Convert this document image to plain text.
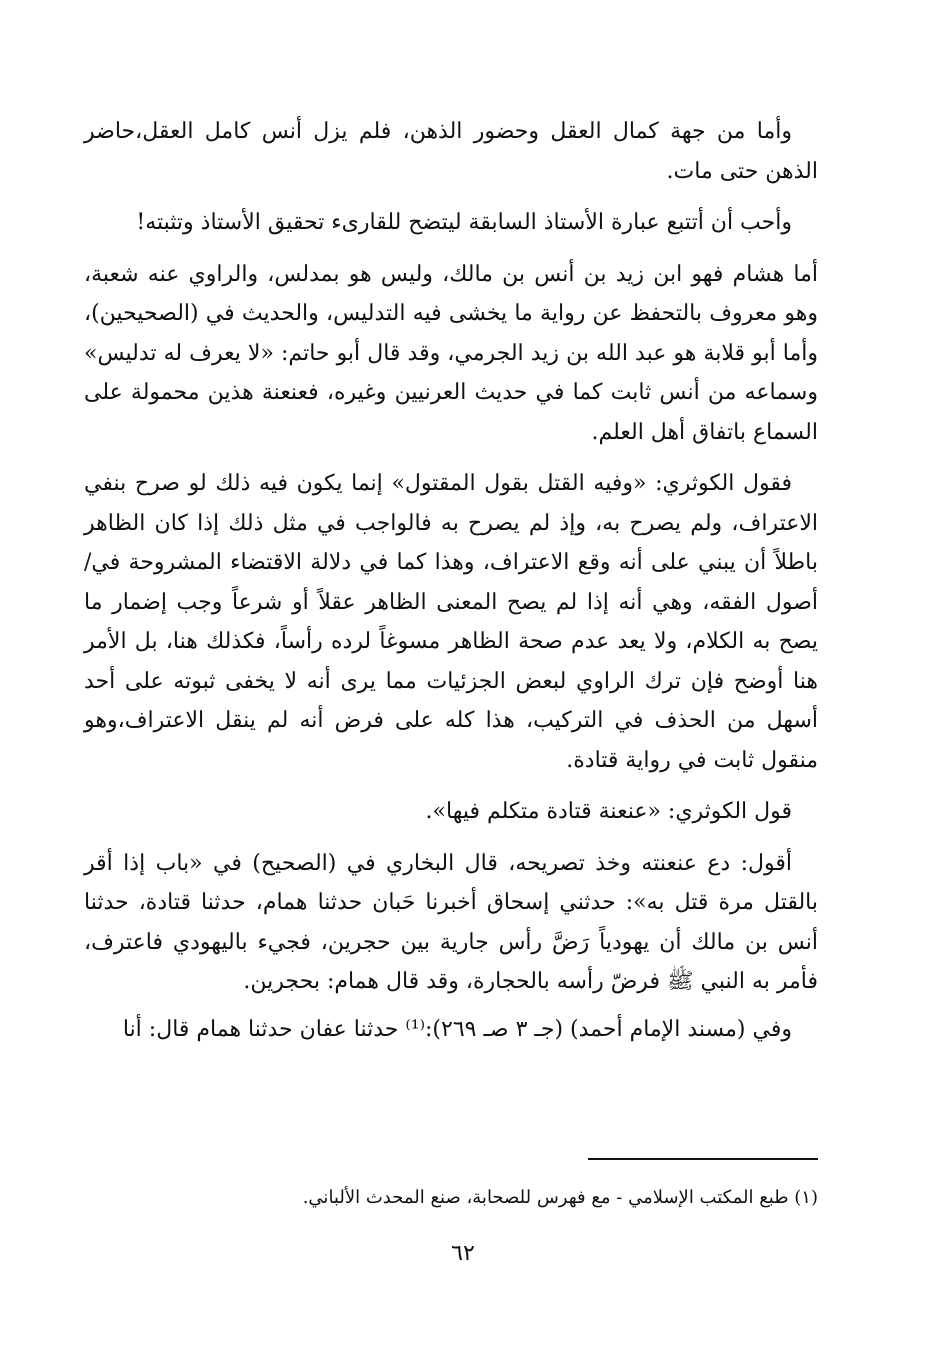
وأما من جهة كمال العقل وحضور الذهن، فلم يزل أنس كامل العقل،حاضر الذهن حتى مات.

وأحب أن أتتبع عبارة الأستاذ السابقة ليتضح للقارىء تحقيق الأستاذ وتثبته!

أما هشام فهو ابن زيد بن أنس بن مالك، وليس هو بمدلس، والراوي عنه شعبة، وهو معروف بالتحفظ عن رواية ما يخشى فيه التدليس، والحديث في (الصحيحين)، وأما أبو قلابة هو عبد الله بن زيد الجرمي، وقد قال أبو حاتم: «لا يعرف له تدليس» وسماعه من أنس ثابت كما في حديث العرنيين وغيره، فعنعنة هذين محمولة على السماع باتفاق أهل العلم.

فقول الكوثري: «وفيه القتل بقول المقتول» إنما يكون فيه ذلك لو صرح بنفي الاعتراف، ولم يصرح به، وإذ لم يصرح به فالواجب في مثل ذلك إذا كان الظاهر باطلاً أن يبني على أنه وقع الاعتراف، وهذا كما في دلالة الاقتضاء المشروحة في/ أصول الفقه، وهي أنه إذا لم يصح المعنى الظاهر عقلاً أو شرعاً وجب إضمار ما يصح به الكلام، ولا يعد عدم صحة الظاهر مسوغاً لرده رأساً، فكذلك هنا، بل الأمر هنا أوضح فإن ترك الراوي لبعض الجزئيات مما يرى أنه لا يخفى ثبوته على أحد أسهل من الحذف في التركيب، هذا كله على فرض أنه لم ينقل الاعتراف،وهو منقول ثابت في رواية قتادة.

قول الكوثري: «عنعنة قتادة متكلم فيها».

أقول: دع عنعنته وخذ تصريحه، قال البخاري في (الصحيح) في «باب إذا أقر بالقتل مرة قتل به»: حدثني إسحاق أخبرنا حَبان حدثنا همام، حدثنا قتادة، حدثنا أنس بن مالك أن يهودياً رَضَّ رأس جارية بين حجرين، فجيء باليهودي فاعترف، فأمر به النبي ﷺ فرضّ رأسه بالحجارة، وقد قال همام: بحجرين.

وفي (مسند الإمام أحمد) (جـ ٣ صـ ٢٦٩):⁽¹⁾ حدثنا عفان حدثنا همام قال: أنا

(١) طبع المكتب الإسلامي - مع فهرس للصحابة، صنع المحدث الألباني.

٦٢
